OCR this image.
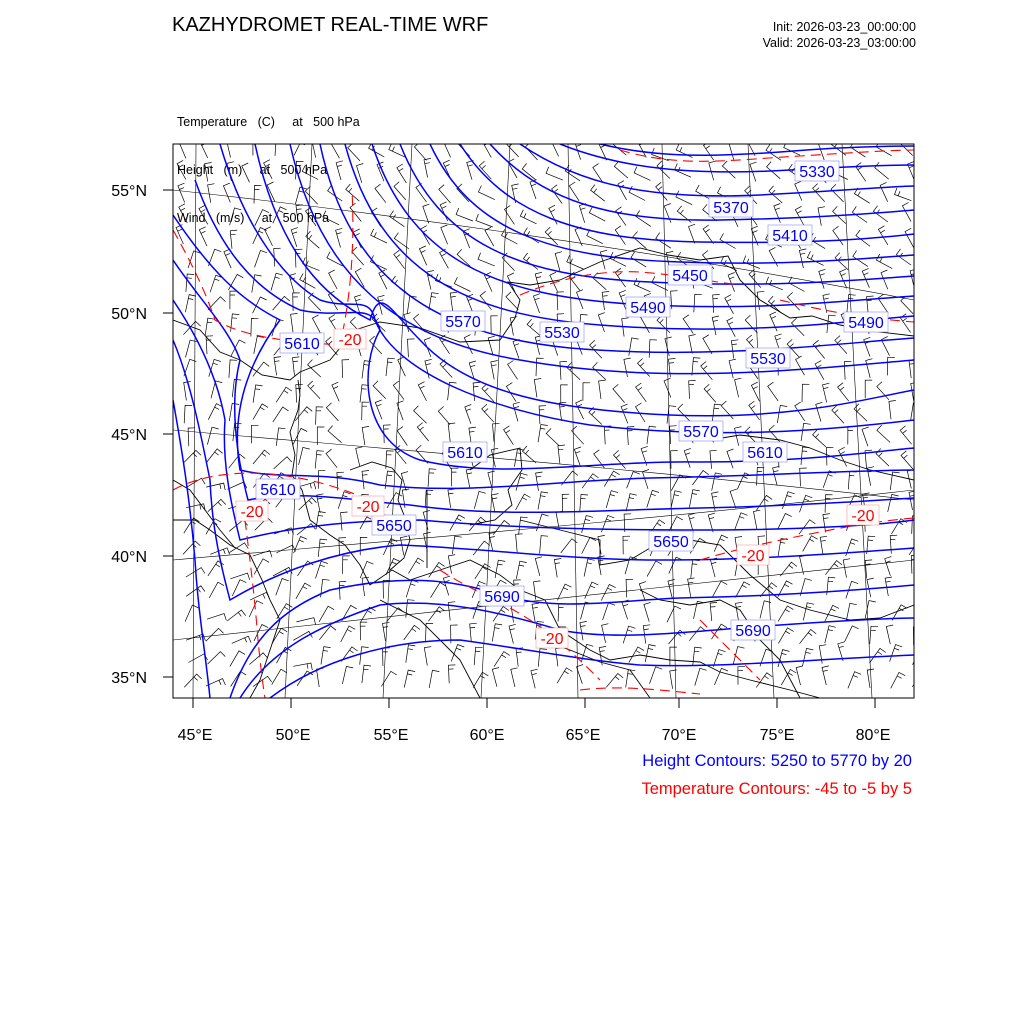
KAZHYDROMET REAL-TIME WRF	Init: 2026-03-23_00:00:00
Valid: 2026-03-23_03:00:00

Temperature   (C)     at   500 hPa

Height   (m)     at   500 hPa

Wind   (m/s)     at   500 hPa

55°N
50°N
45°N
40°N
35°N
45°E	50°E	55°E	60°E	65°E	70°E	75°E	80°E
5330
5370
5410
5450
5490
5490
5530
5530
5570
5570
5610
5610	5610
5610
5650
5650
5690
5690
-20
-20
-20	-20
-20
-20
Height Contours: 5250 to 5770 by 20
Temperature Contours: -45 to -5 by 5
